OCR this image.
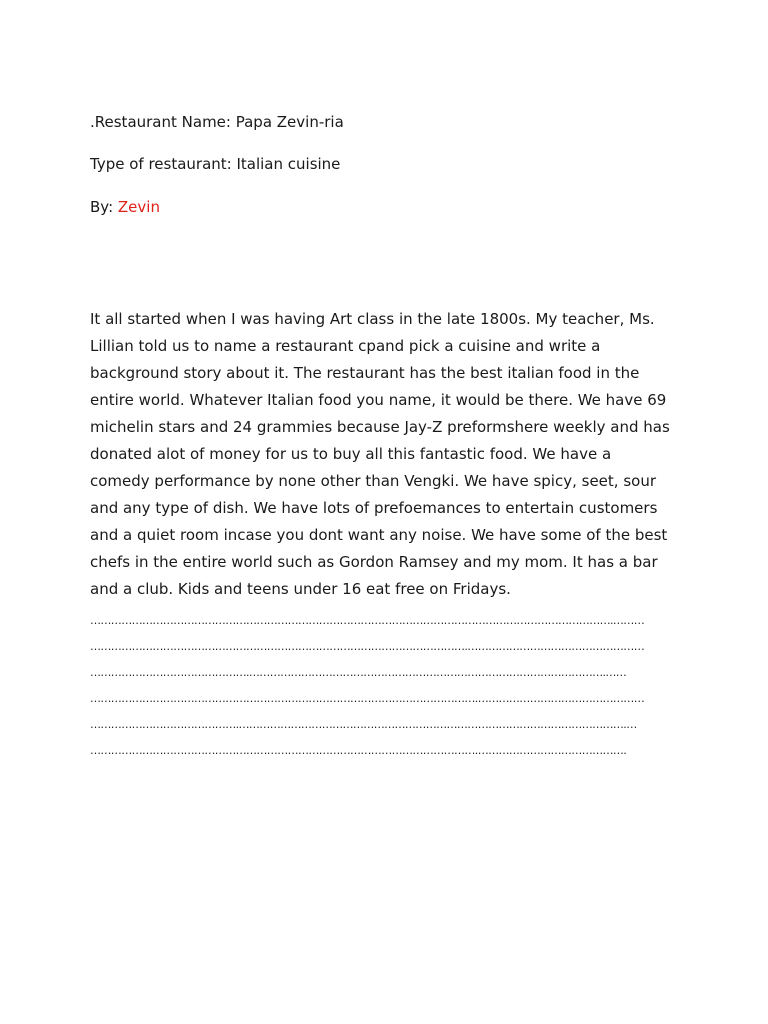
.Restaurant Name: Papa Zevin-ria
Type of restaurant: Italian cuisine
By: Zevin
It all started when I was having Art class in the late 1800s. My teacher, Ms.
Lillian told us to name a restaurant cpand pick a cuisine and write a
background story about it. The restaurant has the best italian food in the
entire world. Whatever Italian food you name, it would be there. We have 69
michelin stars and 24 grammies because Jay-Z preformshere weekly and has
donated alot of money for us to buy all this fantastic food. We have a
comedy performance by none other than Vengki. We have spicy, seet, sour
and any type of dish. We have lots of prefoemances to entertain customers
and a quiet room incase you dont want any noise. We have some of the best
chefs in the entire world such as Gordon Ramsey and my mom. It has a bar
and a club. Kids and teens under 16 eat free on Fridays.
…………………………………………………………………………………………………………………………………….………
……………………………………………………………………………………………….……………………………………………
……………………………………….………………………………………………………………………………………….……
………………………………………………………………………………………………….…………………………………………
…………………………………….………………………………………………………………………………………………….…
………………………………………………………………………………………………….…………………………………….
